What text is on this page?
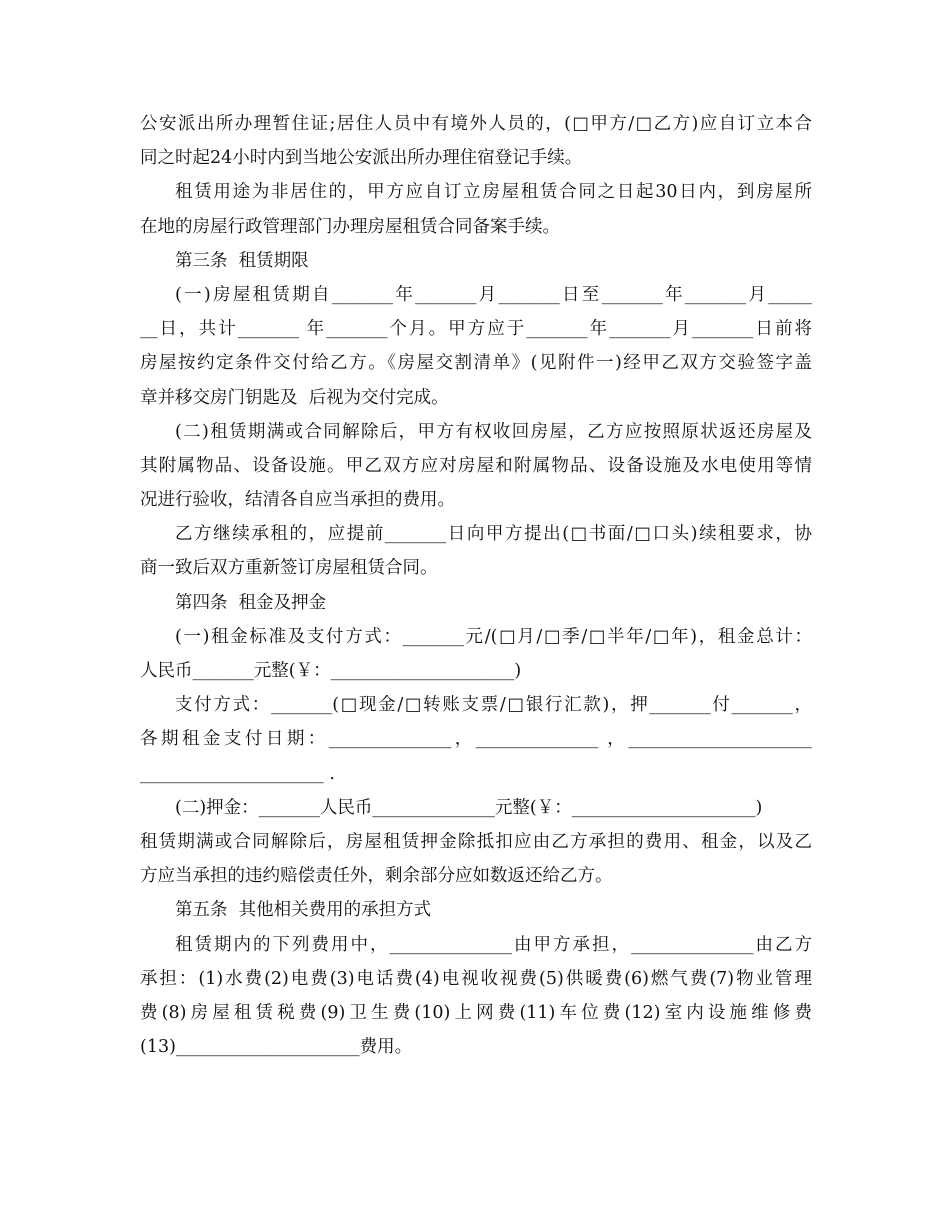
公安派出所办理暂住证;居住人员中有境外人员的，(□甲方/□乙方)应自订立本合
同之时起24小时内到当地公安派出所办理住宿登记手续。
租赁用途为非居住的，甲方应自订立房屋租赁合同之日起30日内，到房屋所
在地的房屋行政管理部门办理房屋租赁合同备案手续。
第三条  租赁期限
(一)房屋租赁期自_______年_______月_______日至_______年_______月_____
__日，共计_______ 年_______个月。甲方应于_______年_______月_______日前将
房屋按约定条件交付给乙方。《房屋交割清单》(见附件一)经甲乙双方交验签字盖
章并移交房门钥匙及  后视为交付完成。
(二)租赁期满或合同解除后，甲方有权收回房屋，乙方应按照原状返还房屋及
其附属物品、设备设施。甲乙双方应对房屋和附属物品、设备设施及水电使用等情
况进行验收，结清各自应当承担的费用。
乙方继续承租的，应提前_______日向甲方提出(□书面/□口头)续租要求，协
商一致后双方重新签订房屋租赁合同。
第四条  租金及押金
(一)租金标准及支付方式：_______元/(□月/□季/□半年/□年)，租金总计：
人民币_______元整(￥：_____________________)
支付方式：_______(□现金/□转账支票/□银行汇款)，押_______付_______，
各期租金支付日期：______________，______________ ，_____________________
_____________________ .
(二)押金：_______人民币______________元整(￥：_____________________)
租赁期满或合同解除后，房屋租赁押金除抵扣应由乙方承担的费用、租金，以及乙
方应当承担的违约赔偿责任外，剩余部分应如数返还给乙方。
第五条  其他相关费用的承担方式
租赁期内的下列费用中，______________由甲方承担，______________由乙方
承担：(1)水费(2)电费(3)电话费(4)电视收视费(5)供暖费(6)燃气费(7)物业管理
费(8)房屋租赁税费(9)卫生费(10)上网费(11)车位费(12)室内设施维修费
(13)_____________________费用。
